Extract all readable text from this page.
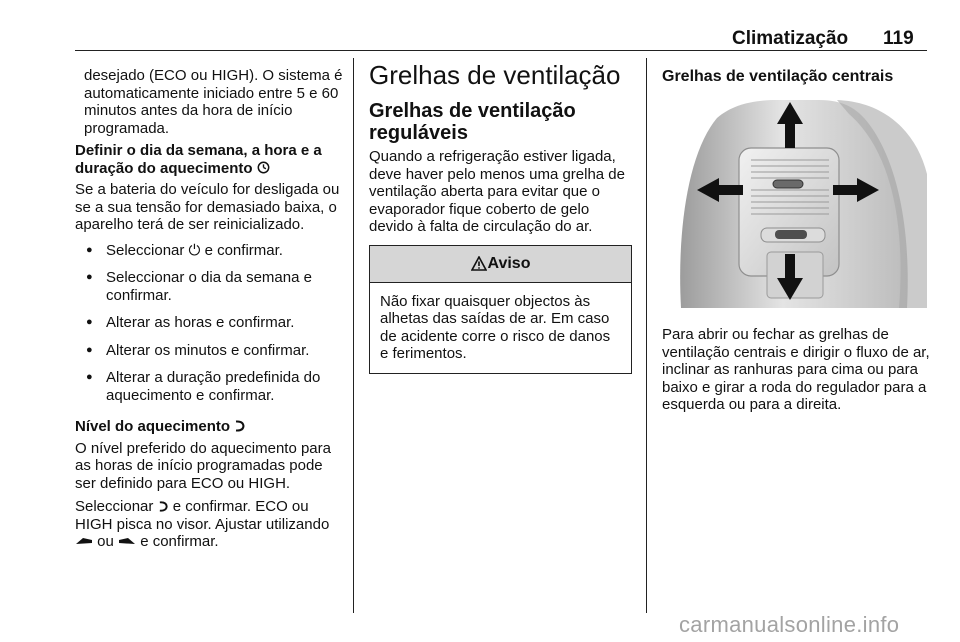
Climatização 119

desejado (ECO ou HIGH). O sistema é automaticamente iniciado entre 5 e 60 minutos antes da hora de início programada.

Definir o dia da semana, a hora e a duração do aquecimento

Se a bateria do veículo for desligada ou se a sua tensão for demasiado baixa, o aparelho terá de ser reinicializado.

● Seleccionar ⏻ e confirmar.
● Seleccionar o dia da semana e confirmar.
● Alterar as horas e confirmar.
● Alterar os minutos e confirmar.
● Alterar a duração predefinida do aquecimento e confirmar.

Nível do aquecimento

O nível preferido do aquecimento para as horas de início programadas pode ser definido para ECO ou HIGH.

Seleccionar e confirmar. ECO ou HIGH pisca no visor. Ajustar utilizando  ou e confirmar.

Grelhas de ventilação
Grelhas de ventilação reguláveis

Quando a refrigeração estiver ligada, deve haver pelo menos uma grelha de ventilação aberta para evitar que o evaporador fique coberto de gelo devido à falta de circulação do ar.

Aviso
Não fixar quaisquer objectos às alhetas das saídas de ar. Em caso de acidente corre o risco de danos e ferimentos.
Grelhas de ventilação centrais

Para abrir ou fechar as grelhas de ventilação centrais e dirigir o fluxo de ar, inclinar as ranhuras para cima ou para baixo e girar a roda do regulador para a esquerda ou para a direita.

carmanualsonline.info
